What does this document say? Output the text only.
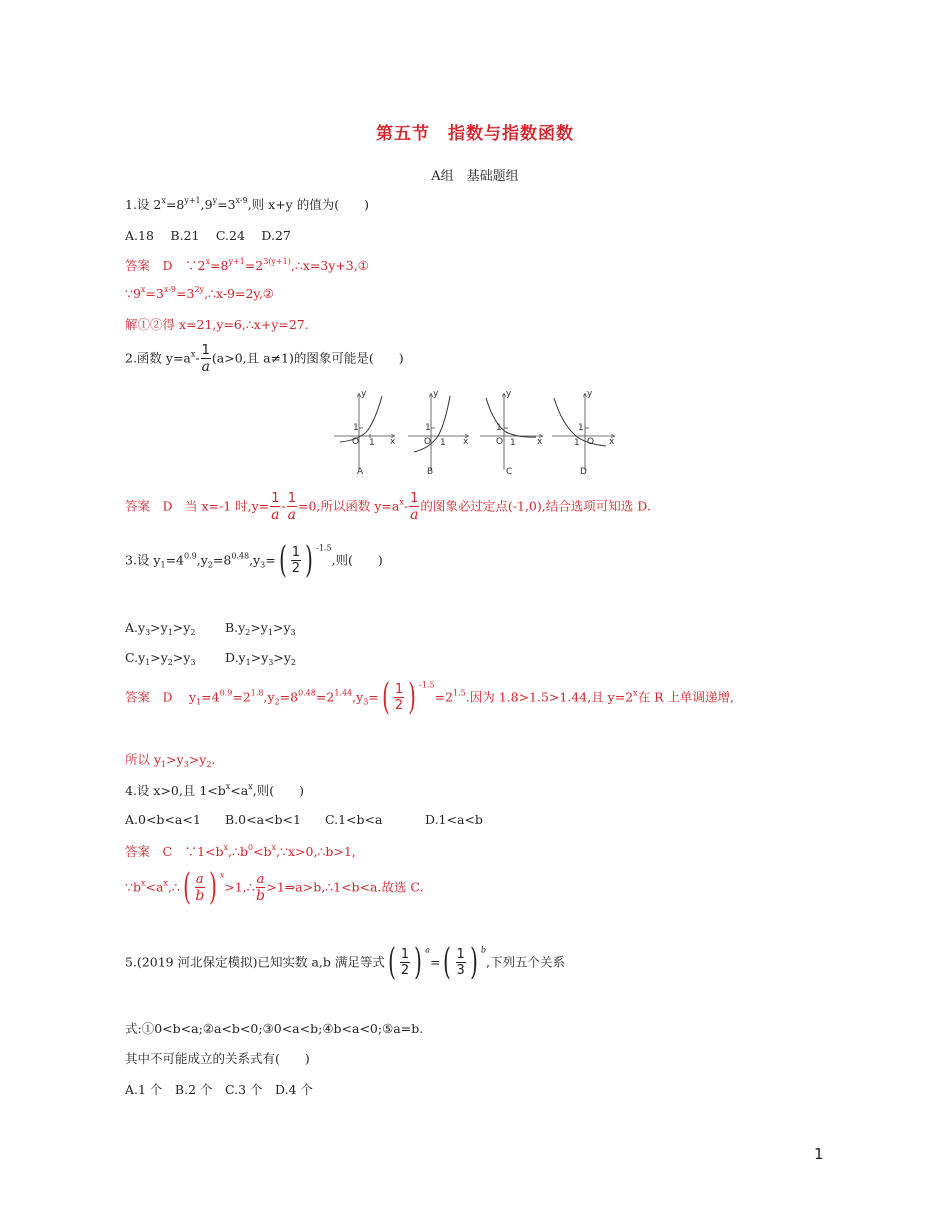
第五节　指数与指数函数
A组　基础题组
1.设 $2^x=8^{y+1},9^y=3^{x-9}$,则 x+y 的值为(　　)
A.18　 B.21　 C.24　 D.27
答案　D　$\because 2^x=8^{y+1}=2^{3(y+1)},\therefore x=3y+3,①$
$\because 9^x=3^{x-9}=3^{2y},\therefore x-9=2y,②$
解①②得 x=21,y=6,∴x+y=27.
2.函数 $y=a^x- \frac{1}{a} (a>0$,且 a≠1)的图象可能是(　　)
O
1
1
y
x	O
1
1
y
x	O
1
1
y
x	O
1
1
y
x
A	B	C	D
答案　D　当 x=-1 时$,y= \frac{1}{a} - \frac{1}{a} =0$,所以函数 $y=a^x- \frac{1}{a}$ 的图象必过定点(-1,0),结合选项可知选 D.
3.设 $y_1=4^{0.9},y_2=8^{0.48},y_3=( \frac{1}{2}$ ) $^{-1.5}$,则(　　)
$A.y_3>y_1>y_2$ $B.y_2>y_1>y_3$
$C.y_1>y_2>y_3$ $D.y_1>y_3>y_2$
答案　D　 $y_1=4^{0.9}=2^{1.8},y_2=8^{0.48}=2^{1.44},y_3=( \frac{1}{2}$ ) $^{-1.5}=2^{1.5}$.因为 1.8>1.5>1.44,且 $y=2^x$在 R 上单调递增,
所以 $y_1>y_3>y_2$.
4.设 x>0,且 $1<b^x<a^x$,则(　　)
A.0<b<a<1 B.0<a<b<1 C.1<b<a	D.1<a<b
答案　C　$\because 1<b^x,\therefore b^0<b^x,\because x>0,\therefore b>1$,
$\because b^x<a^x,\therefore( \frac{a}{b}$ ) $^x$>1,∴ $\frac{a}{b}$ >1⇒a>b,∴1<b<a.故选 C.
5.(2019 河北保定模拟)已知实数 a,b 满足等式( $\frac{1}{2}$ ) $^a=( \frac{1}{3}$ ) $^b$,下列五个关系
式:①0<b<a;②a<b<0;③0<a<b;④b<a<0;⑤a=b.
其中不可能成立的关系式有(　　)
A.1 个　B.2 个　C.3 个　D.4 个
1
